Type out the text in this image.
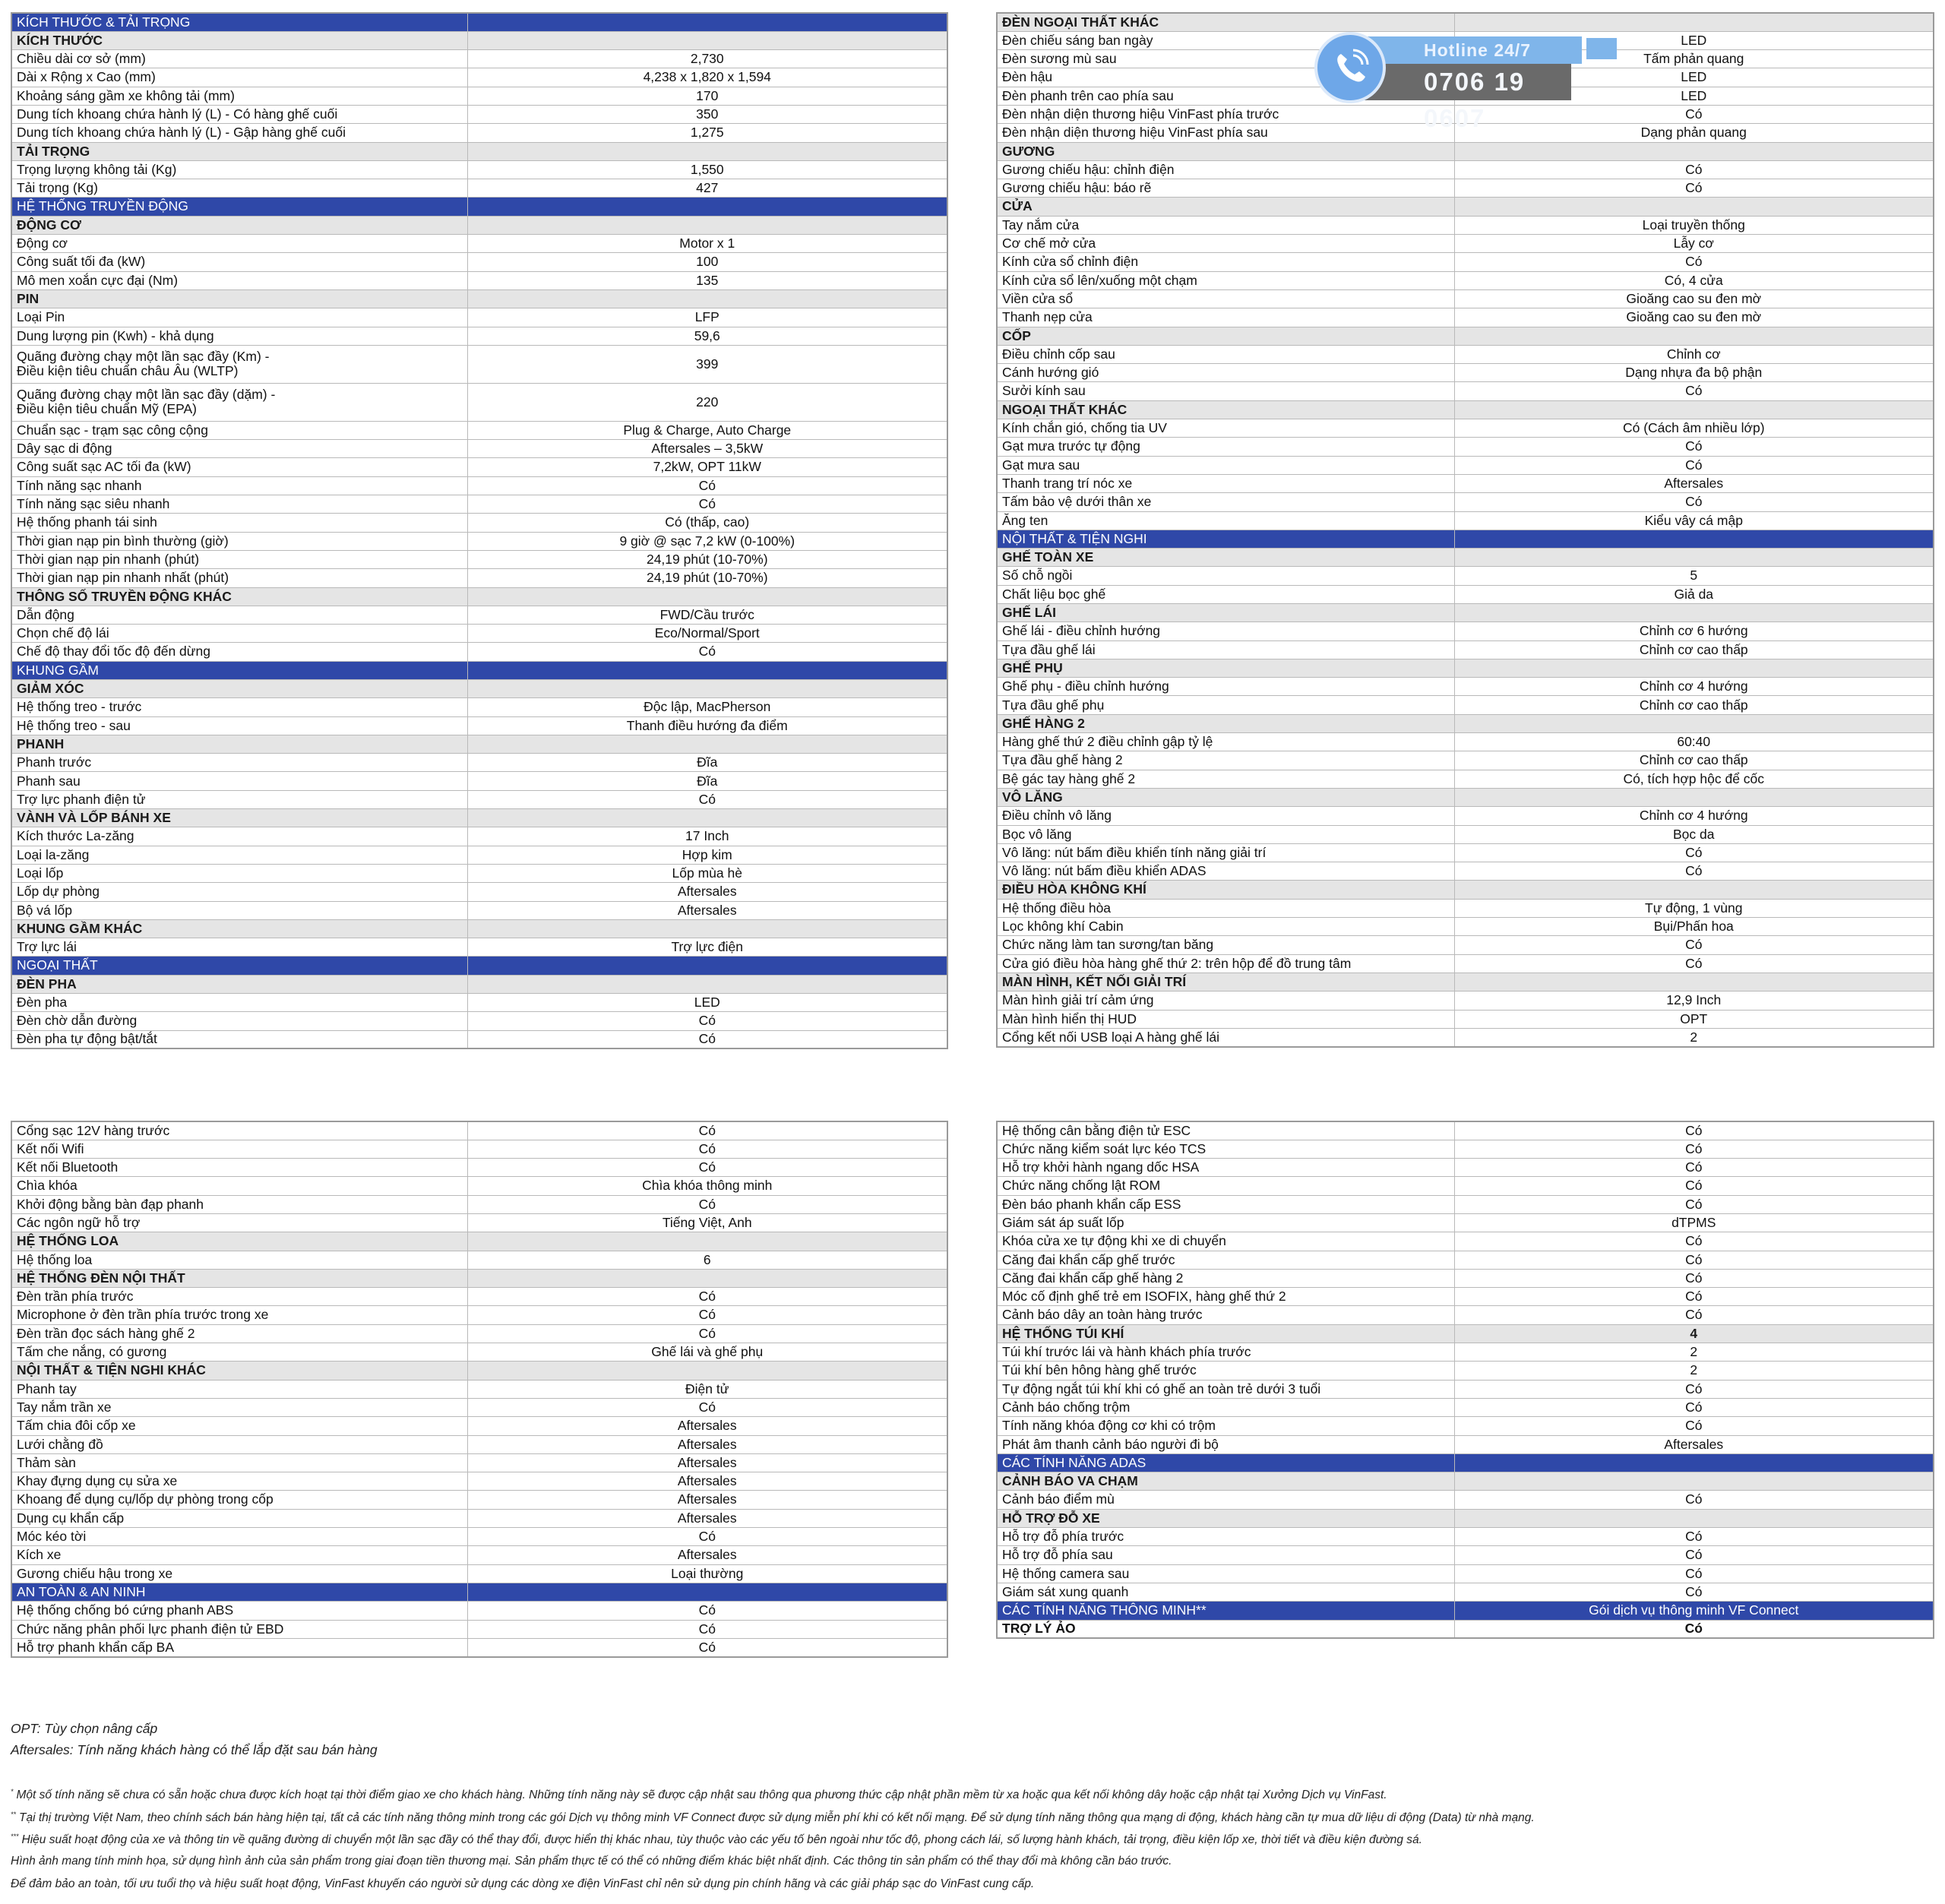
KÍCH THƯỚC & TẢI TRỌNG	
KÍCH THƯỚC	
Chiều dài cơ sở (mm)	2,730
Dài x Rộng x Cao (mm)	4,238 x 1,820 x 1,594
Khoảng sáng gầm xe không tải (mm)	170
Dung tích khoang chứa hành lý (L) - Có hàng ghế cuối	350
Dung tích khoang chứa hành lý (L) - Gập hàng ghế cuối	1,275
TẢI TRỌNG	
Trọng lượng không tải (Kg)	1,550
Tải trọng (Kg)	427
HỆ THỐNG TRUYỀN ĐỘNG	
ĐỘNG CƠ	
Động cơ	Motor x 1
Công suất tối đa (kW)	100
Mô men xoắn cực đại (Nm)	135
PIN	
Loại Pin	LFP
Dung lượng pin (Kwh) - khả dụng	59,6
Quãng đường chạy một lần sạc đầy (Km) -
Điều kiện tiêu chuẩn châu Âu (WLTP)	399
Quãng đường chạy một lần sạc đầy (dặm) -
Điều kiện tiêu chuẩn Mỹ (EPA)	220
Chuẩn sạc - trạm sạc công cộng	Plug & Charge, Auto Charge
Dây sạc di động	Aftersales – 3,5kW
Công suất sạc AC tối đa (kW)	7,2kW, OPT 11kW
Tính năng sạc nhanh	Có
Tính năng sạc siêu nhanh	Có
Hệ thống phanh tái sinh	Có (thấp, cao)
Thời gian nạp pin bình thường (giờ)	9 giờ @ sạc 7,2 kW (0-100%)
Thời gian nạp pin nhanh (phút)	24,19 phút (10-70%)
Thời gian nạp pin nhanh nhất (phút)	24,19 phút (10-70%)
THÔNG SỐ TRUYỀN ĐỘNG KHÁC	
Dẫn động	FWD/Cầu trước
Chọn chế độ lái	Eco/Normal/Sport
Chế độ thay đổi tốc độ đến dừng	Có
KHUNG GẦM	
GIẢM XÓC	
Hệ thống treo - trước	Độc lập, MacPherson
Hệ thống treo - sau	Thanh điều hướng đa điểm
PHANH	
Phanh trước	Đĩa
Phanh sau	Đĩa
Trợ lực phanh điện tử	Có
VÀNH VÀ LỐP BÁNH XE	
Kích thước La-zăng	17 Inch
Loại la-zăng	Hợp kim
Loại lốp	Lốp mùa hè
Lốp dự phòng	Aftersales
Bộ vá lốp	Aftersales
KHUNG GẦM KHÁC	
Trợ lực lái	Trợ lực điện
NGOẠI THẤT	
ĐÈN PHA	
Đèn pha	LED
Đèn chờ dẫn đường	Có
Đèn pha tự động bật/tắt	Có
ĐÈN NGOẠI THẤT KHÁC	
Đèn chiếu sáng ban ngày	LED
Đèn sương mù sau	Tấm phản quang
Đèn hậu	LED
Đèn phanh trên cao phía sau	LED
Đèn nhận diện thương hiệu VinFast phía trước	Có
Đèn nhận diện thương hiệu VinFast phía sau	Dạng phản quang
GƯƠNG	
Gương chiếu hậu: chỉnh điện	Có
Gương chiếu hậu: báo rẽ	Có
CỬA	
Tay nắm cửa	Loại truyền thống
Cơ chế mở cửa	Lẫy cơ
Kính cửa sổ chỉnh điện	Có
Kính cửa sổ lên/xuống một chạm	Có, 4 cửa
Viền cửa sổ	Gioăng cao su đen mờ
Thanh nẹp cửa	Gioăng cao su đen mờ
CỐP	
Điều chỉnh cốp sau	Chỉnh cơ
Cánh hướng gió	Dạng nhựa đa bộ phận
Sưởi kính sau	Có
NGOẠI THẤT KHÁC	
Kính chắn gió, chống tia UV	Có (Cách âm nhiều lớp)
Gạt mưa trước tự động	Có
Gạt mưa sau	Có
Thanh trang trí nóc xe	Aftersales
Tấm bảo vệ dưới thân xe	Có
Ăng ten	Kiểu vây cá mập
NỘI THẤT & TIỆN NGHI	
GHẾ TOÀN XE	
Số chỗ ngồi	5
Chất liệu bọc ghế	Giả da
GHẾ LÁI	
Ghế lái - điều chỉnh hướng	Chỉnh cơ 6 hướng
Tựa đầu ghế lái	Chỉnh cơ cao thấp
GHẾ PHỤ	
Ghế phụ - điều chỉnh hướng	Chỉnh cơ 4 hướng
Tựa đầu ghế phụ	Chỉnh cơ cao thấp
GHẾ HÀNG 2	
Hàng ghế thứ 2 điều chỉnh gập tỷ lệ	60:40
Tựa đầu ghế hàng 2	Chỉnh cơ cao thấp
Bệ gác tay hàng ghế 2	Có, tích hợp hộc để cốc
VÔ LĂNG	
Điều chỉnh vô lăng	Chỉnh cơ 4 hướng
Bọc vô lăng	Bọc da
Vô lăng: nút bấm điều khiển tính năng giải trí	Có
Vô lăng: nút bấm điều khiển ADAS	Có
ĐIỀU HÒA KHÔNG KHÍ	
Hệ thống điều hòa	Tự động, 1 vùng
Lọc không khí Cabin	Bụi/Phấn hoa
Chức năng làm tan sương/tan băng	Có
Cửa gió điều hòa hàng ghế thứ 2: trên hộp để đồ trung tâm	Có
MÀN HÌNH, KẾT NỐI GIẢI TRÍ	
Màn hình giải trí cảm ứng	12,9 Inch
Màn hình hiển thị HUD	OPT
Cổng kết nối USB loại A hàng ghế lái	2
Cổng sạc 12V hàng trước	Có
Kết nối Wifi	Có
Kết nối Bluetooth	Có
Chìa khóa	Chìa khóa thông minh
Khởi động bằng bàn đạp phanh	Có
Các ngôn ngữ hỗ trợ	Tiếng Việt, Anh
HỆ THỐNG LOA	
Hệ thống loa	6
HỆ THỐNG ĐÈN NỘI THẤT	
Đèn trần phía trước	Có
Microphone ở đèn trần phía trước trong xe	Có
Đèn trần đọc sách hàng ghế 2	Có
Tấm che nắng, có gương	Ghế lái và ghế phụ
NỘI THẤT & TIỆN NGHI KHÁC	
Phanh tay	Điện tử
Tay nắm trần xe	Có
Tấm chia đôi cốp xe	Aftersales
Lưới chằng đồ	Aftersales
Thảm sàn	Aftersales
Khay đựng dụng cụ sửa xe	Aftersales
Khoang để dụng cụ/lốp dự phòng trong cốp	Aftersales
Dụng cụ khẩn cấp	Aftersales
Móc kéo tời	Có
Kích xe	Aftersales
Gương chiếu hậu trong xe	Loại thường
AN TOÀN & AN NINH	
Hệ thống chống bó cứng phanh ABS	Có
Chức năng phân phối lực phanh điện tử EBD	Có
Hỗ trợ phanh khẩn cấp BA	Có
Hệ thống cân bằng điện tử ESC	Có
Chức năng kiểm soát lực kéo TCS	Có
Hỗ trợ khởi hành ngang dốc HSA	Có
Chức năng chống lật ROM	Có
Đèn báo phanh khẩn cấp ESS	Có
Giám sát áp suất lốp	dTPMS
Khóa cửa xe tự động khi xe di chuyển	Có
Căng đai khẩn cấp ghế trước	Có
Căng đai khẩn cấp ghế hàng 2	Có
Móc cố định ghế trẻ em ISOFIX, hàng ghế thứ 2	Có
Cảnh báo dây an toàn hàng trước	Có
HỆ THỐNG TÚI KHÍ	4
Túi khí trước lái và hành khách phía trước	2
Túi khí bên hông hàng ghế trước	2
Tự động ngắt túi khí khi có ghế an toàn trẻ dưới 3 tuổi	Có
Cảnh báo chống trộm	Có
Tính năng khóa động cơ khi có trộm	Có
Phát âm thanh cảnh báo người đi bộ	Aftersales
CÁC TÍNH NĂNG ADAS	
CẢNH BÁO VA CHẠM	
Cảnh báo điểm mù	Có
HỖ TRỢ ĐỖ XE	
Hỗ trợ đỗ phía trước	Có
Hỗ trợ đỗ phía sau	Có
Hệ thống camera sau	Có
Giám sát xung quanh	Có
CÁC TÍNH NĂNG THÔNG MINH**	Gói dịch vụ thông minh VF Connect
TRỢ LÝ ẢO	Có
Hotline 24/7
0706 19 0607
OPT: Tùy chọn nâng cấp
Aftersales: Tính năng khách hàng có thể lắp đặt sau bán hàng
* Một số tính năng sẽ chưa có sẵn hoặc chưa được kích hoạt tại thời điểm giao xe cho khách hàng. Những tính năng này sẽ được cập nhật sau thông qua phương thức cập nhật phần mềm từ xa hoặc qua kết nối không dây hoặc cập nhật tại Xưởng Dịch vụ VinFast.
** Tại thị trường Việt Nam, theo chính sách bán hàng hiện tại, tất cả các tính năng thông minh trong các gói Dịch vụ thông minh VF Connect được sử dụng miễn phí khi có kết nối mạng. Để sử dụng tính năng thông qua mạng di động, khách hàng cần tự mua dữ liệu di động (Data) từ nhà mạng.
*** Hiệu suất hoạt động của xe và thông tin về quãng đường di chuyển một lần sạc đầy có thể thay đổi, được hiển thị khác nhau, tùy thuộc vào các yếu tố bên ngoài như tốc độ, phong cách lái, số lượng hành khách, tải trọng, điều kiện lốp xe, thời tiết và điều kiện đường sá.
Hình ảnh mang tính minh họa, sử dụng hình ảnh của sản phẩm trong giai đoạn tiền thương mại. Sản phẩm thực tế có thể có những điểm khác biệt nhất định. Các thông tin sản phẩm có thể thay đổi mà không cần báo trước.
Để đảm bảo an toàn, tối ưu tuổi thọ và hiệu suất hoạt động, VinFast khuyến cáo người sử dụng các dòng xe điện VinFast chỉ nên sử dụng pin chính hãng và các giải pháp sạc do VinFast cung cấp.
